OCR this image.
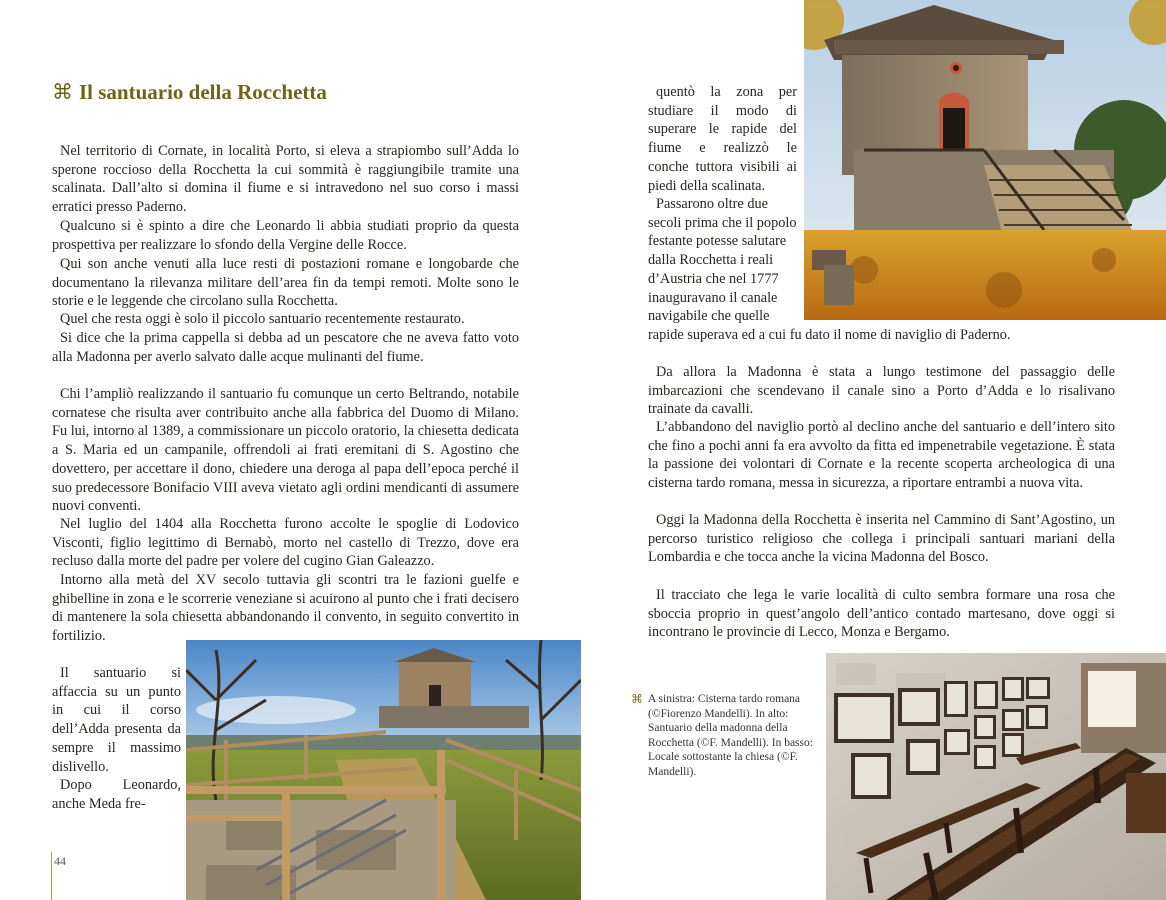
⌘ Il santuario della Rocchetta

Nel territorio di Cornate, in località Porto, si eleva a strapiombo sull’Adda lo sperone roccioso della Rocchetta la cui sommità è raggiungibile tramite una scalinata. Dall’alto si domina il fiume e si intravedono nel suo corso i massi erratici presso Paderno.

Qualcuno si è spinto a dire che Leonardo li abbia studiati proprio da questa prospettiva per realizzare lo sfondo della Vergine delle Rocce.

Qui son anche venuti alla luce resti di postazioni romane e longobarde che documentano la rilevanza militare dell’area fin da tempi remoti. Molte sono le storie e le leggende che circolano sulla Rocchetta.

Quel che resta oggi è solo il piccolo santuario recentemente restaurato.

Si dice che la prima cappella si debba ad un pescatore che ne aveva fatto voto alla Madonna per averlo salvato dalle acque mulinanti del fiume.

Chi l’ampliò realizzando il santuario fu comunque un certo Beltrando, notabile cornatese che risulta aver contribuito anche alla fabbrica del Duomo di Milano. Fu lui, intorno al 1389, a commissionare un piccolo oratorio, la chiesetta dedicata a S. Maria ed un campanile, offrendoli ai frati eremitani di S. Agostino che dovettero, per accettare il dono, chiedere una deroga al papa dell’epoca perché il suo predecessore Bonifacio VIII aveva vietato agli ordini mendicanti di assumere nuovi conventi.

Nel luglio del 1404 alla Rocchetta furono accolte le spoglie di Lodovico Visconti, figlio legittimo di Bernabò, morto nel castello di Trezzo, dove era recluso dalla morte del padre per volere del cugino Gian Galeazzo.

Intorno alla metà del XV secolo tuttavia gli scontri tra le fazioni guelfe e ghibelline in zona e le scorrerie veneziane si acuirono al punto che i frati decisero di mantenere la sola chiesetta abbandonando il convento, in seguito convertito in fortilizio.

Il santuario si affaccia su un punto in cui il corso dell’Adda presenta da sempre il massimo dislivello.

Dopo Leonardo, anche Meda fre-

44

quentò la zona per studiare il modo di superare le rapide del fiume e realizzò le conche tuttora visibili ai piedi della scalinata.

Passarono oltre due
secoli prima che il popolo
festante potesse salutare
dalla Rocchetta i reali
d’Austria che nel 1777
inauguravano il canale
navigabile che quelle
rapide superava ed a cui fu dato il nome di naviglio di Paderno.

Da allora la Madonna è stata a lungo testimone del passaggio delle imbarcazioni che scendevano il canale sino a Porto d’Adda e lo risalivano trainate da cavalli.

L’abbandono del naviglio portò al declino anche del santuario e dell’intero sito che fino a pochi anni fa era avvolto da fitta ed impenetrabile vegetazione. È stata la passione dei volontari di Cornate e la recente scoperta archeologica di una cisterna tardo romana, messa in sicurezza, a riportare entrambi a nuova vita.

Oggi la Madonna della Rocchetta è inserita nel Cammino di Sant’Agostino, un percorso turistico religioso che collega i principali santuari mariani della Lombardia e che tocca anche la vicina Madonna del Bosco.

Il tracciato che lega le varie località di culto sembra formare una rosa che sboccia proprio in quest’angolo dell’antico contado martesano, dove oggi si incontrano le provincie di Lecco, Monza e Bergamo.

⌘ A sinistra: Cisterna tardo romana (©Fiorenzo Mandelli). In alto: Santuario della madonna della Rocchetta (©F. Mandelli). In basso: Locale sottostante la chiesa (©F. Mandelli).
